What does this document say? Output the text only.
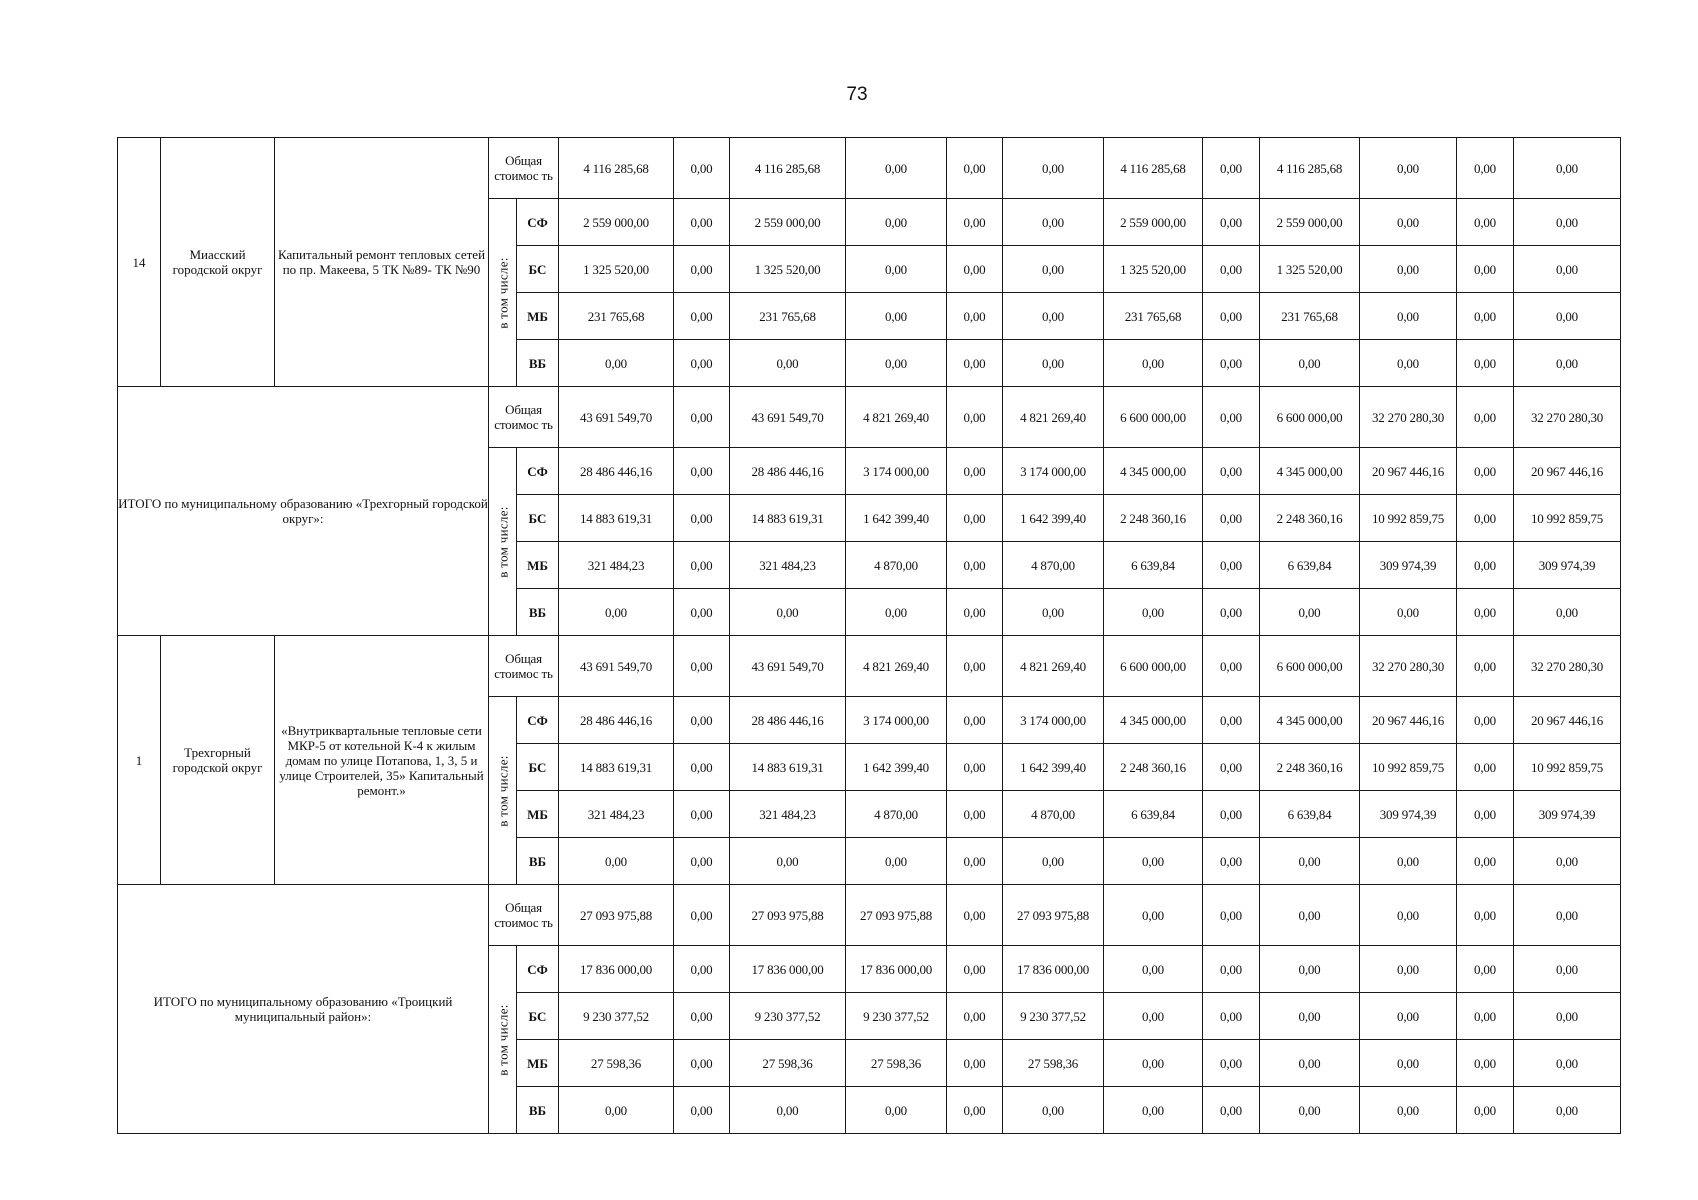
73
14	Миасский городской округ	Капитальный ремонт тепловых сетей по пр. Макеева, 5 ТК №89- ТК №90	Общая стоимос ть		4 116 285,68	0,00	4 116 285,68	0,00	0,00	0,00	4 116 285,68	0,00	4 116 285,68	0,00	0,00	0,00

			в том числе:	СФ	2 559 000,00	0,00	2 559 000,00	0,00	0,00	0,00	2 559 000,00	0,00	2 559 000,00	0,00	0,00	0,00
				БС	1 325 520,00	0,00	1 325 520,00	0,00	0,00	0,00	1 325 520,00	0,00	1 325 520,00	0,00	0,00	0,00
				МБ	231 765,68	0,00	231 765,68	0,00	0,00	0,00	231 765,68	0,00	231 765,68	0,00	0,00	0,00
				ВБ	0,00	0,00	0,00	0,00	0,00	0,00	0,00	0,00	0,00	0,00	0,00	0,00
ИТОГО по муниципальному образованию «Трехгорный городской округ»:			Общая стоимос ть		43 691 549,70	0,00	43 691 549,70	4 821 269,40	0,00	4 821 269,40	6 600 000,00	0,00	6 600 000,00	32 270 280,30	0,00	32 270 280,30

			в том числе:	СФ	28 486 446,16	0,00	28 486 446,16	3 174 000,00	0,00	3 174 000,00	4 345 000,00	0,00	4 345 000,00	20 967 446,16	0,00	20 967 446,16
				БС	14 883 619,31	0,00	14 883 619,31	1 642 399,40	0,00	1 642 399,40	2 248 360,16	0,00	2 248 360,16	10 992 859,75	0,00	10 992 859,75
				МБ	321 484,23	0,00	321 484,23	4 870,00	0,00	4 870,00	6 639,84	0,00	6 639,84	309 974,39	0,00	309 974,39
				ВБ	0,00	0,00	0,00	0,00	0,00	0,00	0,00	0,00	0,00	0,00	0,00	0,00
1	Трехгорный городской округ	«Внутриквартальные тепловые сети МКР-5 от котельной К-4 к жилым домам по улице Потапова, 1, 3, 5 и улице Строителей, 35» Капитальный ремонт.»	Общая стоимос ть		43 691 549,70	0,00	43 691 549,70	4 821 269,40	0,00	4 821 269,40	6 600 000,00	0,00	6 600 000,00	32 270 280,30	0,00	32 270 280,30

			в том числе:	СФ	28 486 446,16	0,00	28 486 446,16	3 174 000,00	0,00	3 174 000,00	4 345 000,00	0,00	4 345 000,00	20 967 446,16	0,00	20 967 446,16
				БС	14 883 619,31	0,00	14 883 619,31	1 642 399,40	0,00	1 642 399,40	2 248 360,16	0,00	2 248 360,16	10 992 859,75	0,00	10 992 859,75
				МБ	321 484,23	0,00	321 484,23	4 870,00	0,00	4 870,00	6 639,84	0,00	6 639,84	309 974,39	0,00	309 974,39
				ВБ	0,00	0,00	0,00	0,00	0,00	0,00	0,00	0,00	0,00	0,00	0,00	0,00
ИТОГО по муниципальному образованию «Троицкий муниципальный район»:			Общая стоимос ть		27 093 975,88	0,00	27 093 975,88	27 093 975,88	0,00	27 093 975,88	0,00	0,00	0,00	0,00	0,00	0,00

			в том числе:	СФ	17 836 000,00	0,00	17 836 000,00	17 836 000,00	0,00	17 836 000,00	0,00	0,00	0,00	0,00	0,00	0,00
				БС	9 230 377,52	0,00	9 230 377,52	9 230 377,52	0,00	9 230 377,52	0,00	0,00	0,00	0,00	0,00	0,00
				МБ	27 598,36	0,00	27 598,36	27 598,36	0,00	27 598,36	0,00	0,00	0,00	0,00	0,00	0,00
				ВБ	0,00	0,00	0,00	0,00	0,00	0,00	0,00	0,00	0,00	0,00	0,00	0,00
